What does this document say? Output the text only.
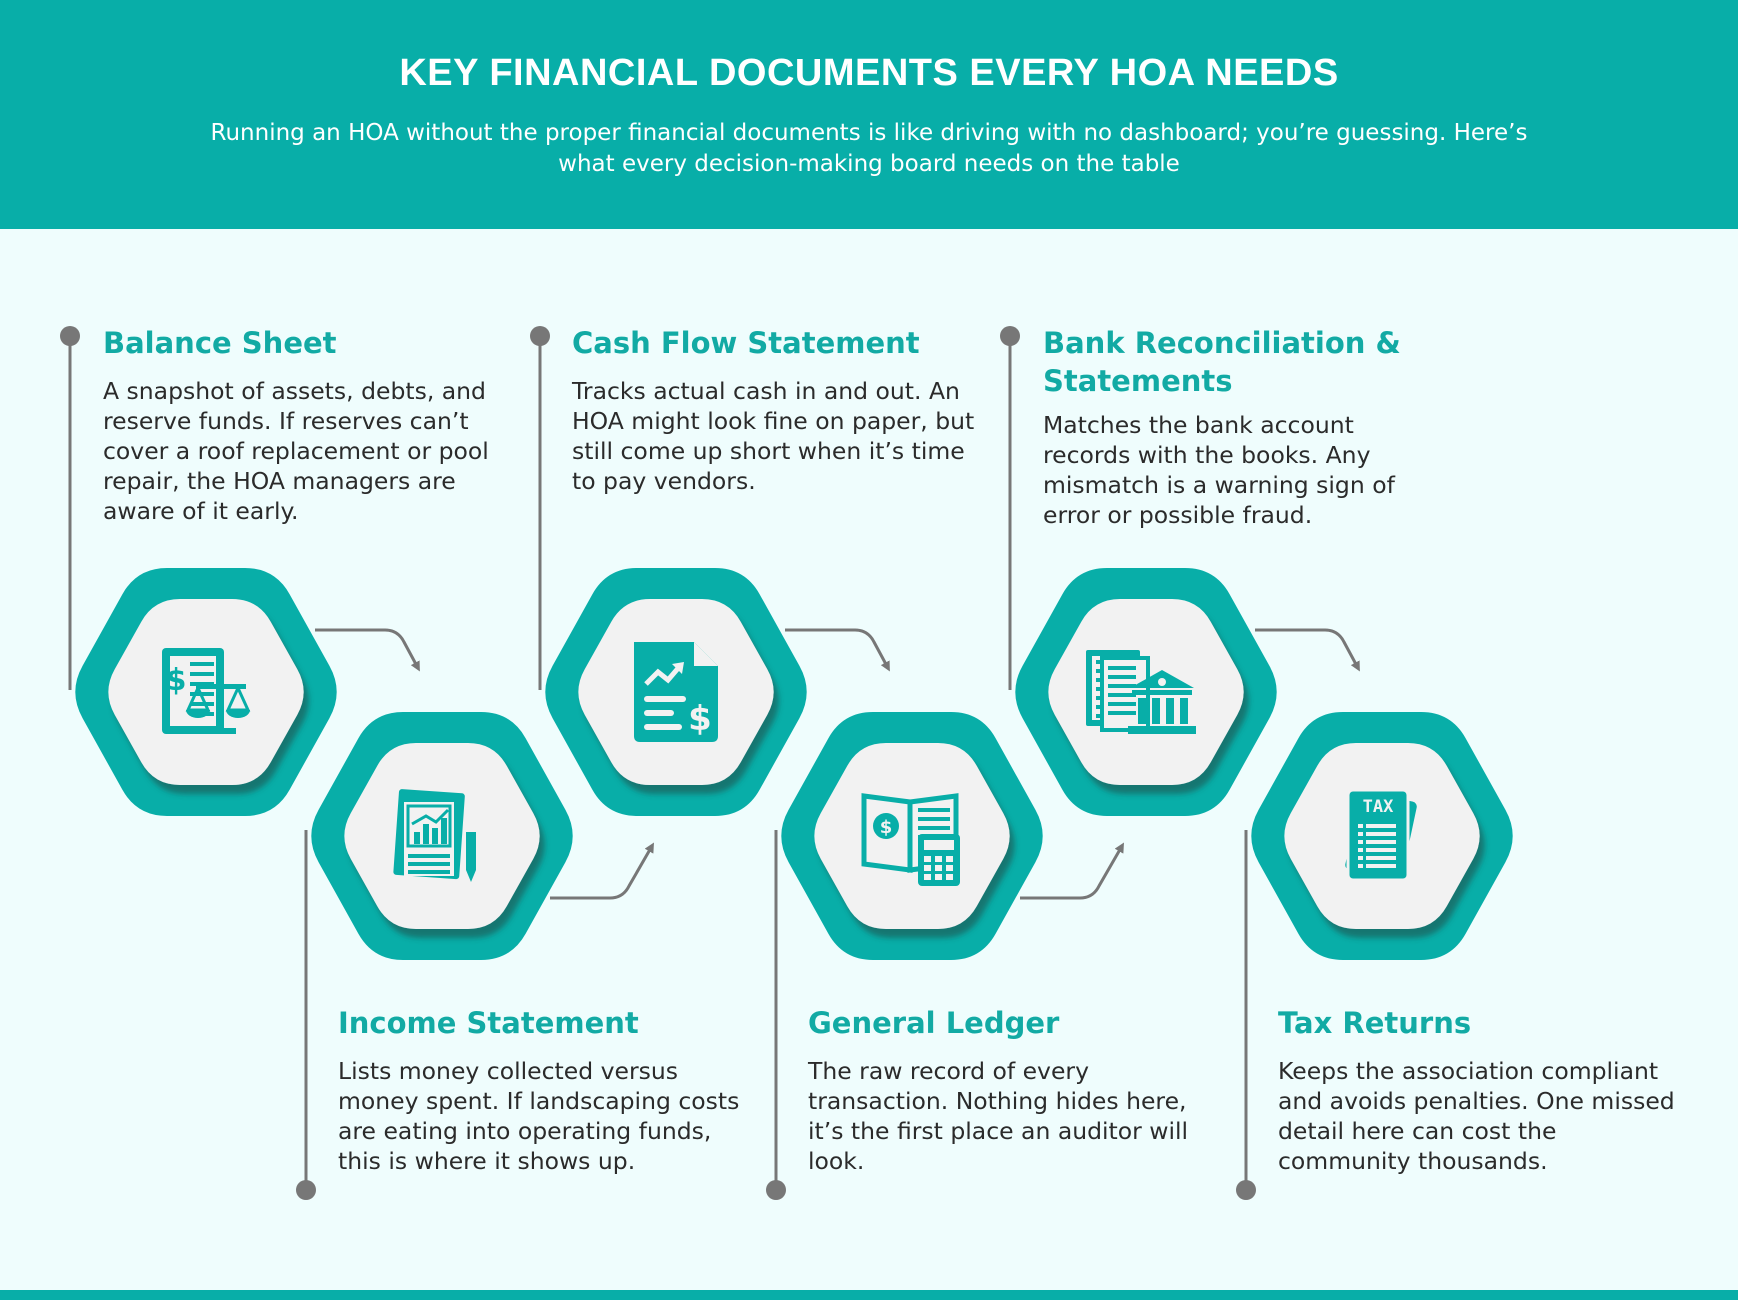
KEY FINANCIAL DOCUMENTS EVERY HOA NEEDS

Running an HOA without the proper financial documents is like driving with no dashboard; you’re guessing. Here’s what every decision-making board needs on the table

$
$
$
TAX
Balance Sheet

A snapshot of assets, debts, and reserve funds. If reserves can’t cover a roof replacement or pool repair, the HOA managers are aware of it early.

Cash Flow Statement

Tracks actual cash in and out. An HOA might look fine on paper, but still come up short when it’s time to pay vendors.

Bank Reconciliation & Statements

Matches the bank account records with the books. Any mismatch is a warning sign of error or possible fraud.

Income Statement

Lists money collected versus money spent. If landscaping costs are eating into operating funds, this is where it shows up.

General Ledger

The raw record of every transaction. Nothing hides here, it’s the first place an auditor will look.

Tax Returns

Keeps the association compliant and avoids penalties. One missed detail here can cost the community thousands.
